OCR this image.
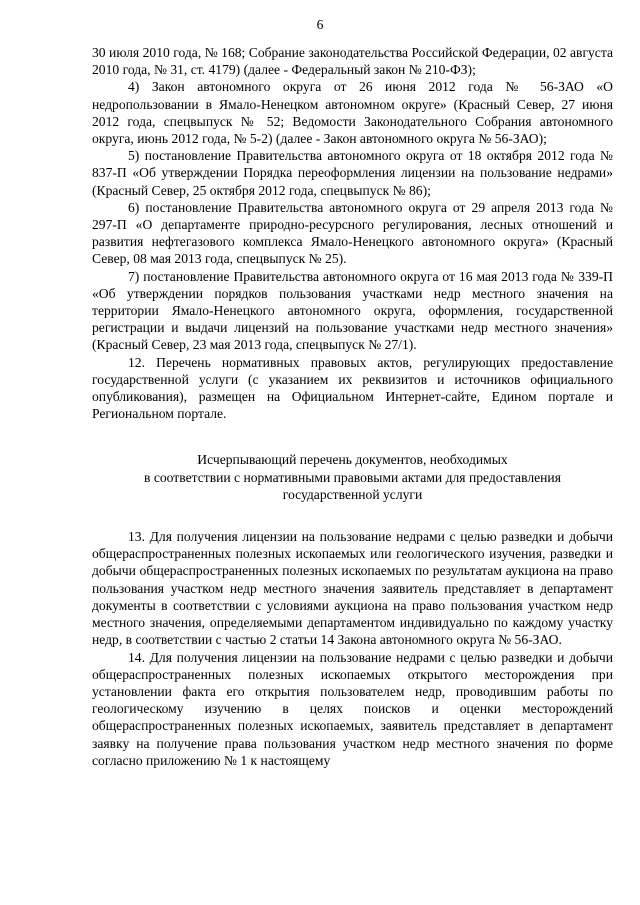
6

30 июля 2010 года, № 168; Собрание законодательства Российской Федерации, 02 августа 2010 года, № 31, ст. 4179) (далее - Федеральный закон № 210-ФЗ);

4) Закон автономного округа от 26 июня 2012 года № 56-ЗАО «О недропользовании в Ямало-Ненецком автономном округе» (Красный Север, 27 июня 2012 года, спецвыпуск № 52; Ведомости Законодательного Собрания автономного округа, июнь 2012 года, № 5-2) (далее - Закон автономного округа № 56-ЗАО);

5) постановление Правительства автономного округа от 18 октября 2012 года № 837-П «Об утверждении Порядка переоформления лицензии на пользование недрами» (Красный Север, 25 октября 2012 года, спецвыпуск № 86);

6) постановление Правительства автономного округа от 29 апреля 2013 года № 297-П «О департаменте природно-ресурсного регулирования, лесных отношений и развития нефтегазового комплекса Ямало-Ненецкого автономного округа» (Красный Север, 08 мая 2013 года, спецвыпуск № 25).

7) постановление Правительства автономного округа от 16 мая 2013 года № 339-П «Об утверждении порядков пользования участками недр местного значения на территории Ямало-Ненецкого автономного округа, оформления, государственной регистрации и выдачи лицензий на пользование участками недр местного значения» (Красный Север, 23 мая 2013 года, спецвыпуск № 27/1).

12. Перечень нормативных правовых актов, регулирующих предоставление государственной услуги (с указанием их реквизитов и источников официального опубликования), размещен на Официальном Интернет-сайте, Едином портале и Региональном портале.

Исчерпывающий перечень документов, необходимых
в соответствии с нормативными правовыми актами для предоставления
государственной услуги

13. Для получения лицензии на пользование недрами с целью разведки и добычи общераспространенных полезных ископаемых или геологического изучения, разведки и добычи общераспространенных полезных ископаемых по результатам аукциона на право пользования участком недр местного значения заявитель представляет в департамент документы в соответствии с условиями аукциона на право пользования участком недр местного значения, определяемыми департаментом индивидуально по каждому участку недр, в соответствии с частью 2 статьи 14 Закона автономного округа № 56-ЗАО.

14. Для получения лицензии на пользование недрами с целью разведки и добычи общераспространенных полезных ископаемых открытого месторождения при установлении факта его открытия пользователем недр, проводившим работы по геологическому изучению в целях поисков и оценки месторождений общераспространенных полезных ископаемых, заявитель представляет в департамент заявку на получение права пользования участком недр местного значения по форме согласно приложению № 1 к настоящему
